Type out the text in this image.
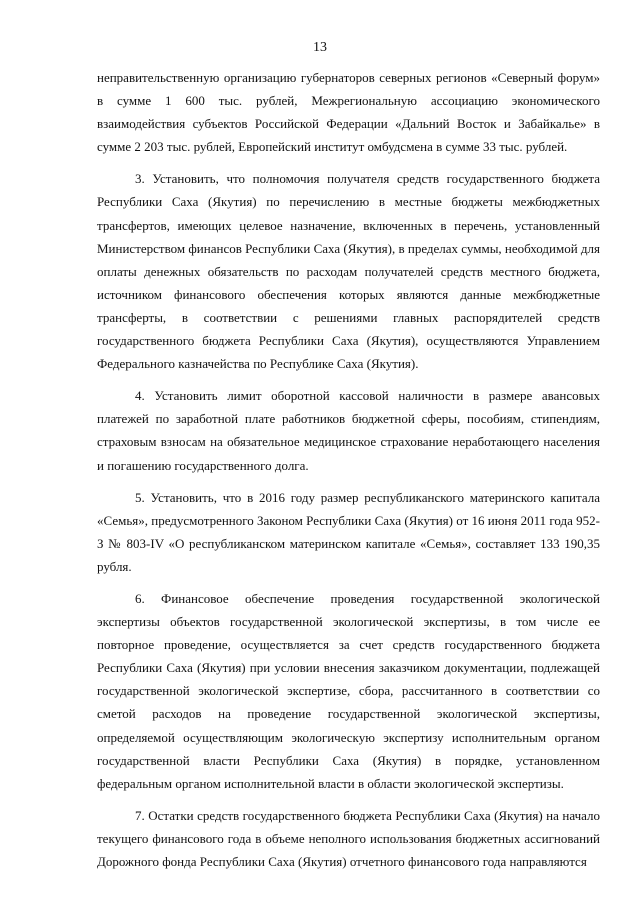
13

неправительственную организацию губернаторов северных регионов «Северный форум» в сумме 1 600 тыс. рублей, Межрегиональную ассоциацию экономического взаимодействия субъектов Российской Федерации «Дальний Восток и Забайкалье» в сумме 2 203 тыс. рублей, Европейский институт омбудсмена в сумме 33 тыс. рублей.

3. Установить, что полномочия получателя средств государственного бюджета Республики Саха (Якутия) по перечислению в местные бюджеты межбюджетных трансфертов, имеющих целевое назначение, включенных в перечень, установленный Министерством финансов Республики Саха (Якутия), в пределах суммы, необходимой для оплаты денежных обязательств по расходам получателей средств местного бюджета, источником финансового обеспечения которых являются данные межбюджетные трансферты, в соответствии с решениями главных распорядителей средств государственного бюджета Республики Саха (Якутия), осуществляются Управлением Федерального казначейства по Республике Саха (Якутия).

4. Установить лимит оборотной кассовой наличности в размере авансовых платежей по заработной плате работников бюджетной сферы, пособиям, стипендиям, страховым взносам на обязательное медицинское страхование неработающего населения и погашению государственного долга.

5. Установить, что в 2016 году размер республиканского материнского капитала «Семья», предусмотренного Законом Республики Саха (Якутия) от 16 июня 2011 года 952-З № 803-IV «О республиканском материнском капитале «Семья», составляет 133 190,35 рубля.

6. Финансовое обеспечение проведения государственной экологической экспертизы объектов государственной экологической экспертизы, в том числе ее повторное проведение, осуществляется за счет средств государственного бюджета Республики Саха (Якутия) при условии внесения заказчиком документации, подлежащей государственной экологической экспертизе, сбора, рассчитанного в соответствии со сметой расходов на проведение государственной экологической экспертизы, определяемой осуществляющим экологическую экспертизу исполнительным органом государственной власти Республики Саха (Якутия) в порядке, установленном федеральным органом исполнительной власти в области экологической экспертизы.

7. Остатки средств государственного бюджета Республики Саха (Якутия) на начало текущего финансового года в объеме неполного использования бюджетных ассигнований Дорожного фонда Республики Саха (Якутия) отчетного финансового года направляются
